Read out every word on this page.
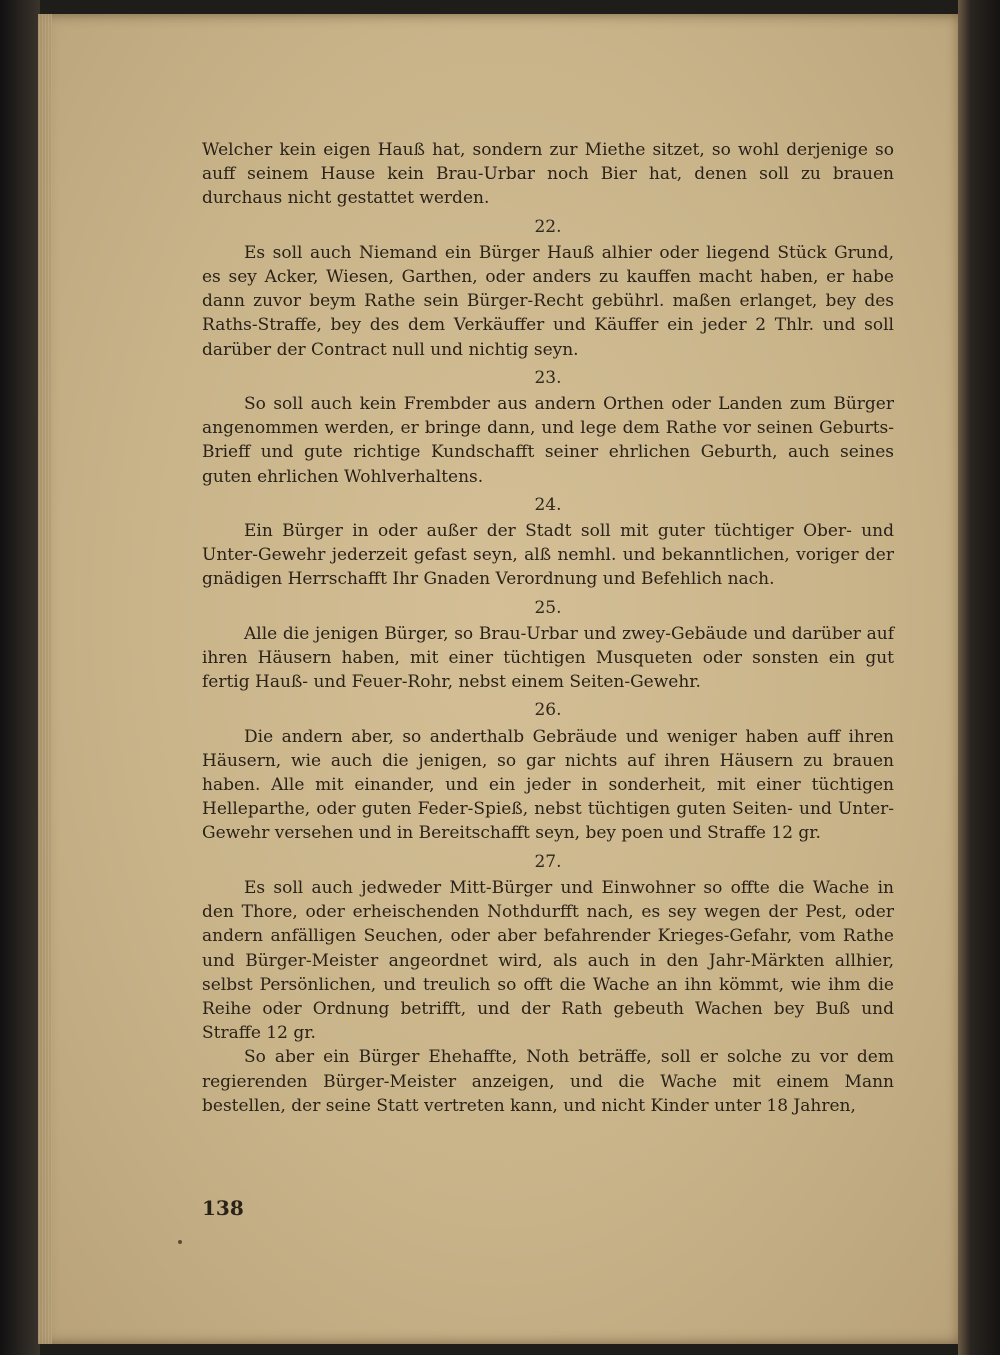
Welcher kein eigen Hauß hat, sondern zur Miethe sitzet, so wohl derjenige so auff seinem Hause kein Brau-Urbar noch Bier hat, denen soll zu brauen durchaus nicht gestattet werden.

22.

Es soll auch Niemand ein Bürger Hauß alhier oder liegend Stück Grund, es sey Acker, Wiesen, Garthen, oder anders zu kauffen macht haben, er habe dann zuvor beym Rathe sein Bürger-Recht gebührl. maßen erlanget, bey des Raths-Straffe, bey des dem Verkäuffer und Käuffer ein jeder 2 Thlr. und soll darüber der Contract null und nichtig seyn.

23.

So soll auch kein Frembder aus andern Orthen oder Landen zum Bürger angenommen werden, er bringe dann, und lege dem Rathe vor seinen Geburts-Brieff und gute richtige Kundschafft seiner ehrlichen Geburth, auch seines guten ehrlichen Wohlverhaltens.

24.

Ein Bürger in oder außer der Stadt soll mit guter tüchtiger Ober- und Unter-Gewehr jederzeit gefast seyn, alß nemhl. und bekanntlichen, voriger der gnädigen Herrschafft Ihr Gnaden Verordnung und Befehlich nach.

25.

Alle die jenigen Bürger, so Brau-Urbar und zwey-Gebäude und darüber auf ihren Häusern haben, mit einer tüchtigen Musqueten oder sonsten ein gut fertig Hauß- und Feuer-Rohr, nebst einem Seiten-Gewehr.

26.

Die andern aber, so anderthalb Gebräude und weniger haben auff ihren Häusern, wie auch die jenigen, so gar nichts auf ihren Häusern zu brauen haben. Alle mit einander, und ein jeder in sonderheit, mit einer tüchtigen Helleparthe, oder guten Feder-Spieß, nebst tüchtigen guten Seiten- und Unter-Gewehr versehen und in Bereitschafft seyn, bey poen und Straffe 12 gr.

27.

Es soll auch jedweder Mitt-Bürger und Einwohner so offte die Wache in den Thore, oder erheischenden Nothdurfft nach, es sey wegen der Pest, oder andern anfälligen Seuchen, oder aber befahrender Krieges-Gefahr, vom Rathe und Bürger-Meister angeordnet wird, als auch in den Jahr-Märkten allhier, selbst Persönlichen, und treulich so offt die Wache an ihn kömmt, wie ihm die Reihe oder Ordnung betrifft, und der Rath gebeuth Wachen bey Buß und Straffe 12 gr.

So aber ein Bürger Ehehaffte, Noth beträffe, soll er solche zu vor dem regierenden Bürger-Meister anzeigen, und die Wache mit einem Mann bestellen, der seine Statt vertreten kann, und nicht Kinder unter 18 Jahren,

138
